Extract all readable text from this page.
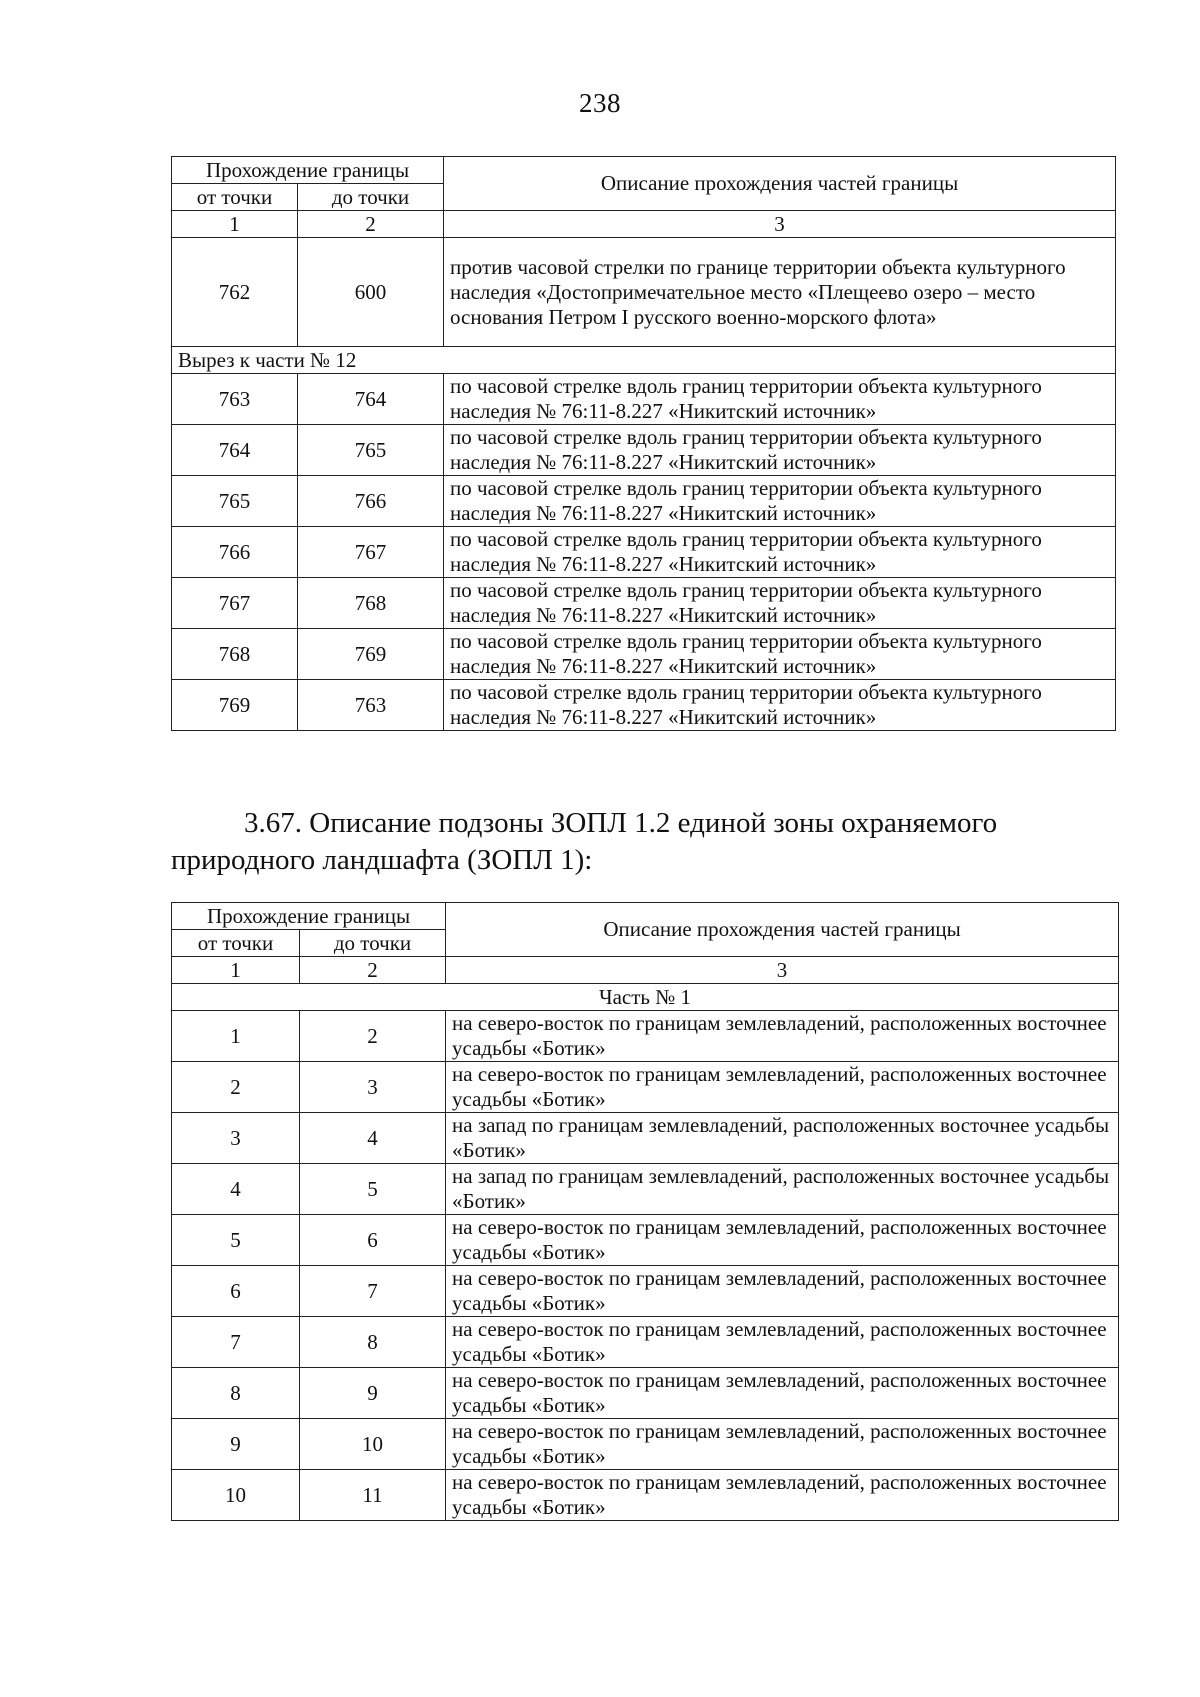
238
Прохождение границы		Описание прохождения частей границы
от точки	до точки	
1	2	3
762	600	против часовой стрелки по границе территории объекта культурного наследия «Достопримечательное место «Плещеево озеро – место основания Петром I русского военно-морского флота»
Вырез к части № 12		
763	764	по часовой стрелке вдоль границ территории объекта культурного наследия № 76:11-8.227 «Никитский источник»
764	765	по часовой стрелке вдоль границ территории объекта культурного наследия № 76:11-8.227 «Никитский источник»
765	766	по часовой стрелке вдоль границ территории объекта культурного наследия № 76:11-8.227 «Никитский источник»
766	767	по часовой стрелке вдоль границ территории объекта культурного наследия № 76:11-8.227 «Никитский источник»
767	768	по часовой стрелке вдоль границ территории объекта культурного наследия № 76:11-8.227 «Никитский источник»
768	769	по часовой стрелке вдоль границ территории объекта культурного наследия № 76:11-8.227 «Никитский источник»
769	763	по часовой стрелке вдоль границ территории объекта культурного наследия № 76:11-8.227 «Никитский источник»
3.67. Описание подзоны ЗОПЛ 1.2 единой зоны охраняемого природного ландшафта (ЗОПЛ 1):
Прохождение границы		Описание прохождения частей границы
от точки	до точки	
1	2	3
Часть № 1		
1	2	на северо-восток по границам землевладений, расположенных восточнее усадьбы «Ботик»
2	3	на северо-восток по границам землевладений, расположенных восточнее усадьбы «Ботик»
3	4	на запад по границам землевладений, расположенных восточнее усадьбы «Ботик»
4	5	на запад по границам землевладений, расположенных восточнее усадьбы «Ботик»
5	6	на северо-восток по границам землевладений, расположенных восточнее усадьбы «Ботик»
6	7	на северо-восток по границам землевладений, расположенных восточнее усадьбы «Ботик»
7	8	на северо-восток по границам землевладений, расположенных восточнее усадьбы «Ботик»
8	9	на северо-восток по границам землевладений, расположенных восточнее усадьбы «Ботик»
9	10	на северо-восток по границам землевладений, расположенных восточнее усадьбы «Ботик»
10	11	на северо-восток по границам землевладений, расположенных восточнее усадьбы «Ботик»
